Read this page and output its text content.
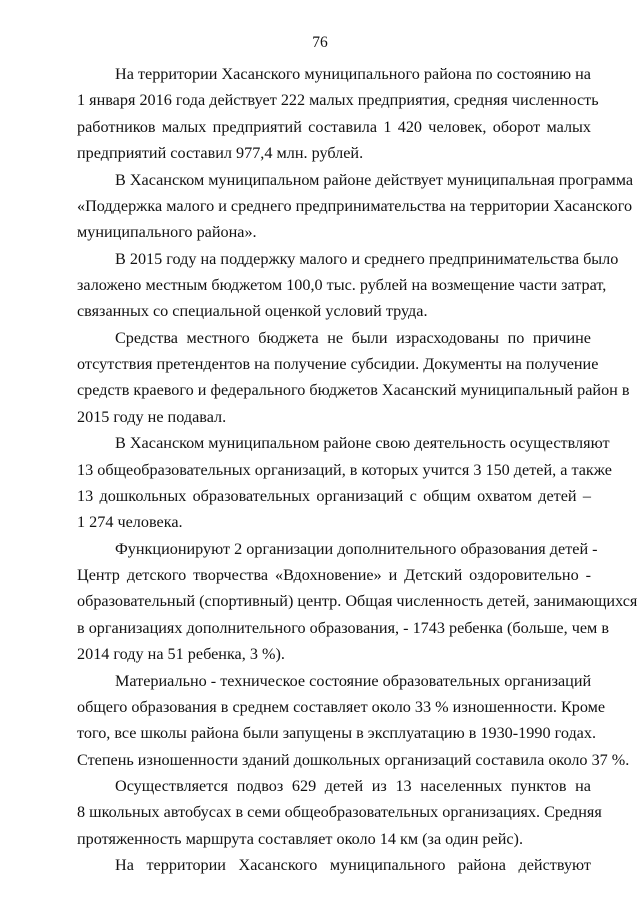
76
На территории Хасанского муниципального района по состоянию на
1 января 2016 года действует 222 малых предприятия, средняя численность
работников малых предприятий составила 1 420 человек, оборот малых
предприятий составил 977,4 млн. рублей.
В Хасанском муниципальном районе действует муниципальная программа
«Поддержка малого и среднего предпринимательства на территории Хасанского
муниципального района».
В 2015 году на поддержку малого и среднего предпринимательства было
заложено местным бюджетом 100,0 тыс. рублей на возмещение части затрат,
связанных со специальной оценкой условий труда.
Средства местного бюджета не были израсходованы по причине
отсутствия претендентов на получение субсидии. Документы на получение
средств краевого и федерального бюджетов Хасанский муниципальный район в
2015 году не подавал.
В Хасанском муниципальном районе свою деятельность осуществляют
13 общеобразовательных организаций, в которых учится 3 150 детей, а также
13 дошкольных образовательных организаций с общим охватом детей –
1 274 человека.
Функционируют 2 организации дополнительного образования детей -
Центр детского творчества «Вдохновение» и Детский оздоровительно -
образовательный (спортивный) центр. Общая численность детей, занимающихся
в организациях дополнительного образования, - 1743 ребенка (больше, чем в
2014 году на 51 ребенка, 3 %).
Материально - техническое состояние образовательных организаций
общего образования в среднем составляет около 33 % изношенности. Кроме
того, все школы района были запущены в эксплуатацию в 1930-1990 годах.
Степень изношенности зданий дошкольных организаций составила около 37 %.
Осуществляется подвоз 629 детей из 13 населенных пунктов на
8 школьных автобусах в семи общеобразовательных организациях. Средняя
протяженность маршрута составляет около 14 км (за один рейс).
На территории Хасанского муниципального района действуют
